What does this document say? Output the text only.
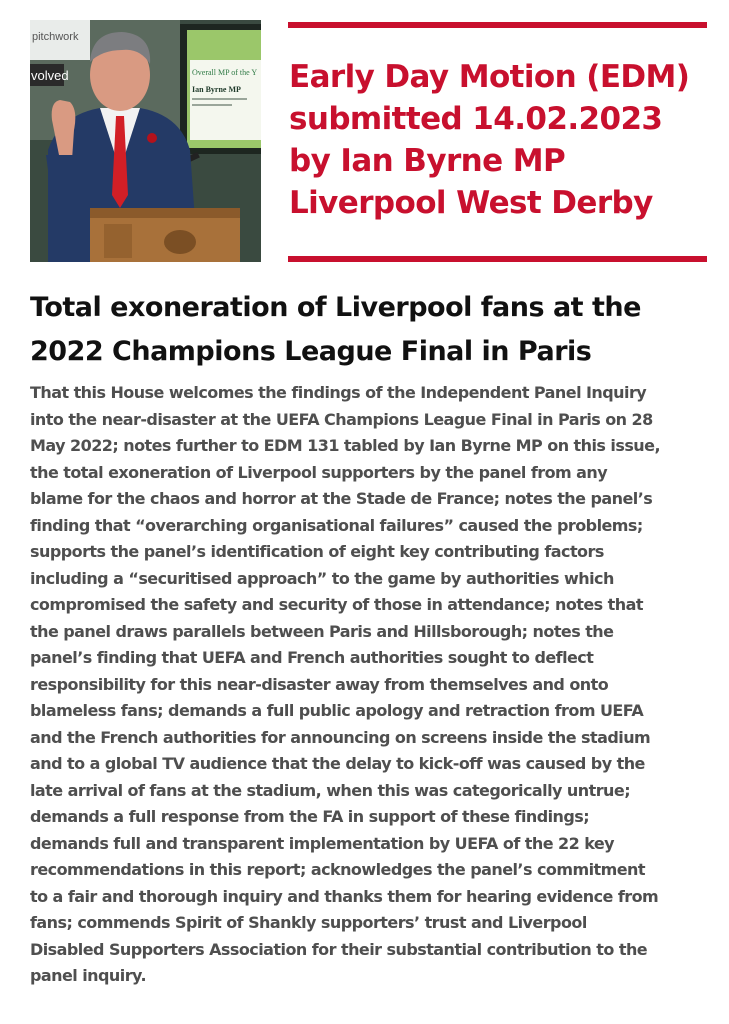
pitchwork
volved	Overall MP of the Y
Ian Byrne MP Early Day Motion (EDM)
submitted 14.02.2023
by Ian Byrne MP
Liverpool West Derby
Total exoneration of Liverpool fans at the
2022 Champions League Final in Paris
That this House welcomes the findings of the Independent Panel Inquiry
into the near-disaster at the UEFA Champions League Final in Paris on 28
May 2022; notes further to EDM 131 tabled by Ian Byrne MP on this issue,
the total exoneration of Liverpool supporters by the panel from any
blame for the chaos and horror at the Stade de France; notes the panel’s
finding that “overarching organisational failures” caused the problems;
supports the panel’s identification of eight key contributing factors
including a “securitised approach” to the game by authorities which
compromised the safety and security of those in attendance; notes that
the panel draws parallels between Paris and Hillsborough; notes the
panel’s finding that UEFA and French authorities sought to deflect
responsibility for this near-disaster away from themselves and onto
blameless fans; demands a full public apology and retraction from UEFA
and the French authorities for announcing on screens inside the stadium
and to a global TV audience that the delay to kick-off was caused by the
late arrival of fans at the stadium, when this was categorically untrue;
demands a full response from the FA in support of these findings;
demands full and transparent implementation by UEFA of the 22 key
recommendations in this report; acknowledges the panel’s commitment
to a fair and thorough inquiry and thanks them for hearing evidence from
fans; commends Spirit of Shankly supporters’ trust and Liverpool
Disabled Supporters Association for their substantial contribution to the
panel inquiry.
